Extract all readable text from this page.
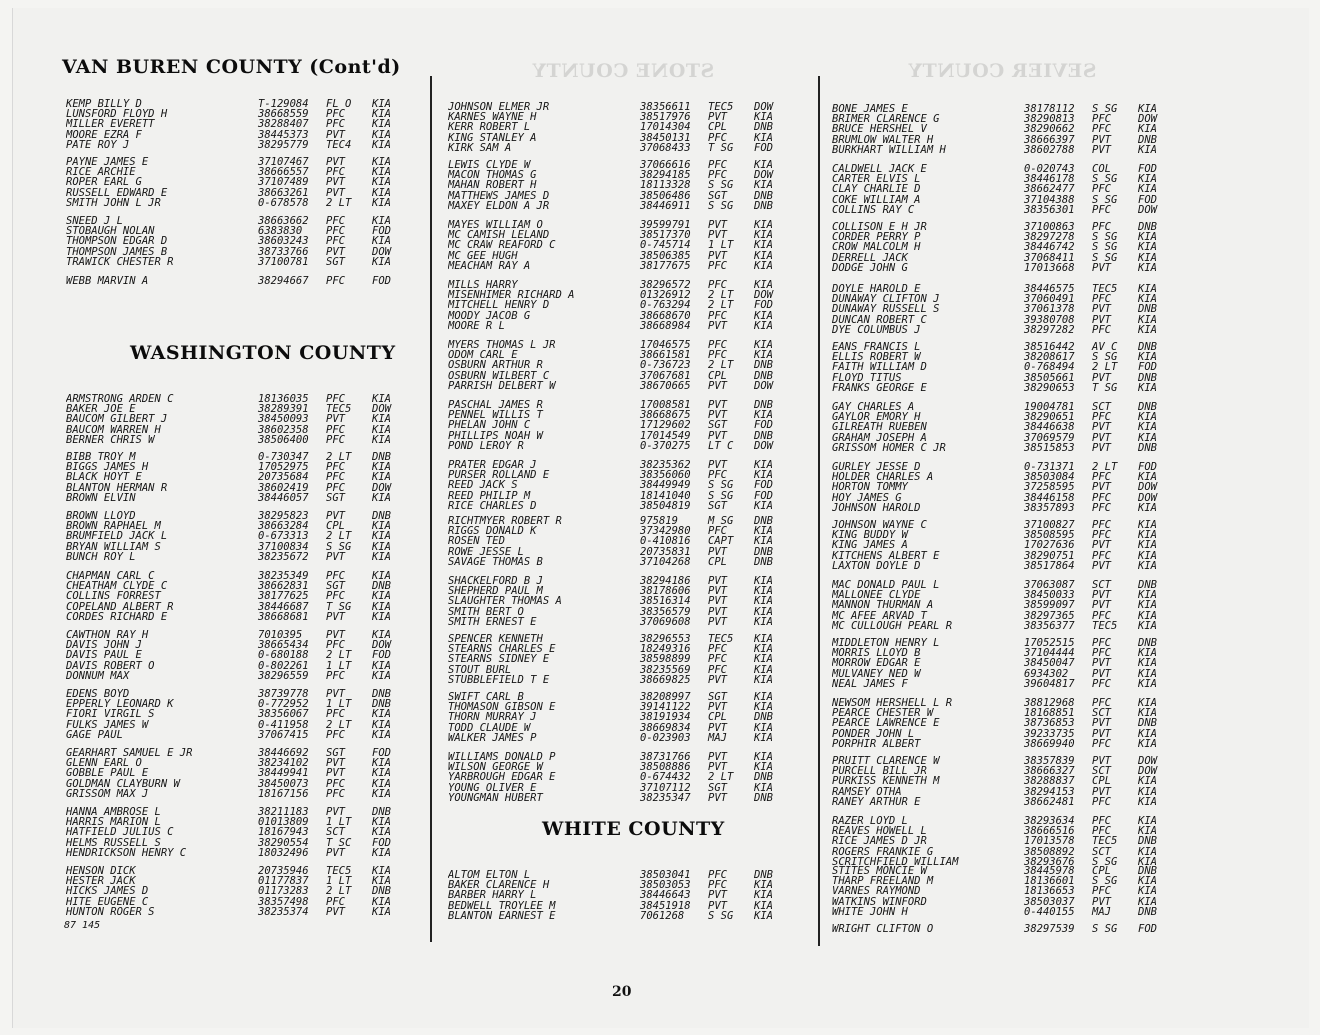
VAN BUREN COUNTY (Cont'd)
WASHINGTON COUNTY
WHITE COUNTY
STONE COUNTY	SEVIER COUNTY
KEMP BILLY D	T-129084	FL O	KIA
LUNSFORD FLOYD H	38668559	PFC	KIA
MILLER EVERETT	38288407	PFC	KIA
MOORE EZRA F	38445373	PVT	KIA
PATE ROY J	38295779	TEC4	KIA
PAYNE JAMES E	37107467	PVT	KIA
RICE ARCHIE	38666557	PFC	KIA
ROPER EARL G	37107489	PVT	KIA
RUSSELL EDWARD E	38663261	PVT	KIA
SMITH JOHN L JR	0-678578	2 LT	KIA
SNEED J L	38663662	PFC	KIA
STOBAUGH NOLAN	6383830	PFC	FOD
THOMPSON EDGAR D	38603243	PFC	KIA
THOMPSON JAMES B	38733766	PVT	DOW
TRAWICK CHESTER R	37100781	SGT	KIA
WEBB MARVIN A	38294667	PFC	FOD
ARMSTRONG ARDEN C	18136035	PFC	KIA
BAKER JOE E	38289391	TEC5	DOW
BAUCOM GILBERT J	38450093	PVT	KIA
BAUCOM WARREN H	38602358	PFC	KIA
BERNER CHRIS W	38506400	PFC	KIA
BIBB TROY M	0-730347	2 LT	DNB
BIGGS JAMES H	17052975	PFC	KIA
BLACK HOYT E	20735684	PFC	KIA
BLANTON HERMAN R	38602419	PFC	DOW
BROWN ELVIN	38446057	SGT	KIA
BROWN LLOYD	38295823	PVT	DNB
BROWN RAPHAEL M	38663284	CPL	KIA
BRUMFIELD JACK L	0-673313	2 LT	KIA
BRYAN WILLIAM S	37100834	S SG	KIA
BUNCH ROY L	38235672	PVT	KIA
CHAPMAN CARL C	38235349	PFC	KIA
CHEATHAM CLYDE C	38662831	SGT	DNB
COLLINS FORREST	38177625	PFC	KIA
COPELAND ALBERT R	38446687	T SG	KIA
CORDES RICHARD E	38668681	PVT	KIA
CAWTHON RAY H	7010395	PVT	KIA
DAVIS JOHN J	38665434	PFC	DOW
DAVIS PAUL E	0-680188	2 LT	FOD
DAVIS ROBERT O	0-802261	1 LT	KIA
DONNUM MAX	38296559	PFC	KIA
EDENS BOYD	38739778	PVT	DNB
EPPERLY LEONARD K	0-772952	1 LT	DNB
FIORI VIRGIL S	38356067	PFC	KIA
FULKS JAMES W	0-411958	2 LT	KIA
GAGE PAUL	37067415	PFC	KIA
GEARHART SAMUEL E JR	38446692	SGT	FOD
GLENN EARL O	38234102	PVT	KIA
GOBBLE PAUL E	38449941	PVT	KIA
GOLDMAN CLAYBURN W	38450073	PFC	KIA
GRISSOM MAX J	18167156	PFC	KIA
HANNA AMBROSE L	38211183	PVT	DNB
HARRIS MARION L	01013809	1 LT	KIA
HATFIELD JULIUS C	18167943	SCT	KIA
HELMS RUSSELL S	38290554	T SC	FOD
HENDRICKSON HENRY C	18032496	PVT	KIA
HENSON DICK	20735946	TEC5	KIA
HESTER JACK	01177837	1 LT	KIA
HICKS JAMES D	01173283	2 LT	DNB
HITE EUGENE C	38357498	PFC	KIA
HUNTON ROGER S	38235374	PVT	KIA
JOHNSON ELMER JR	38356611	TEC5	DOW
KARNES WAYNE H	38517976	PVT	KIA
KERR ROBERT L	17014304	CPL	DNB
KING STANLEY A	38450131	PFC	KIA
KIRK SAM A	37068433	T SG	FOD
LEWIS CLYDE W	37066616	PFC	KIA
MACON THOMAS G	38294185	PFC	DOW
MAHAN ROBERT H	18113328	S SG	KIA
MATTHEWS JAMES D	38506486	SGT	DNB
MAXEY ELDON A JR	38446911	S SG	DNB
MAYES WILLIAM O	39599791	PVT	KIA
MC CAMISH LELAND	38517370	PVT	KIA
MC CRAW REAFORD C	0-745714	1 LT	KIA
MC GEE HUGH	38506385	PVT	KIA
MEACHAM RAY A	38177675	PFC	KIA
MILLS HARRY	38296572	PFC	KIA
MISENHIMER RICHARD A	01326912	2 LT	DOW
MITCHELL HENRY D	0-763294	2 LT	FOD
MOODY JACOB G	38668670	PFC	KIA
MOORE R L	38668984	PVT	KIA
MYERS THOMAS L JR	17046575	PFC	KIA
ODOM CARL E	38661581	PFC	KIA
OSBURN ARTHUR R	0-736723	2 LT	DNB
OSBURN WILBERT C	37067681	CPL	DNB
PARRISH DELBERT W	38670665	PVT	DOW
PASCHAL JAMES R	17008581	PVT	DNB
PENNEL WILLIS T	38668675	PVT	KIA
PHELAN JOHN C	17129602	SGT	FOD
PHILLIPS NOAH W	17014549	PVT	DNB
POND LEROY R	0-370275	LT C	DOW
PRATER EDGAR J	38235362	PVT	KIA
PURSER ROLLAND E	38356060	PFC	KIA
REED JACK S	38449949	S SG	FOD
REED PHILIP M	18141040	S SG	FOD
RICE CHARLES D	38504819	SGT	KIA
RICHTMYER ROBERT R	975819	M SG	DNB
RIGGS DONALD K	37342980	PFC	KIA
ROSEN TED	0-410816	CAPT	KIA
ROWE JESSE L	20735831	PVT	DNB
SAVAGE THOMAS B	37104268	CPL	DNB
SHACKELFORD B J	38294186	PVT	KIA
SHEPHERD PAUL M	38178606	PVT	KIA
SLAUGHTER THOMAS A	38516314	PVT	KIA
SMITH BERT O	38356579	PVT	KIA
SMITH ERNEST E	37069608	PVT	KIA
SPENCER KENNETH	38296553	TEC5	KIA
STEARNS CHARLES E	18249316	PFC	KIA
STEARNS SIDNEY E	38598899	PFC	KIA
STOUT BURL	38235569	PFC	KIA
STUBBLEFIELD T E	38669825	PVT	KIA
SWIFT CARL B	38208997	SGT	KIA
THOMASON GIBSON E	39141122	PVT	KIA
THORN MURRAY J	38191934	CPL	DNB
TODD CLAUDE W	38669834	PVT	KIA
WALKER JAMES P	0-023903	MAJ	KIA
WILLIAMS DONALD P	38731766	PVT	KIA
WILSON GEORGE W	38508886	PVT	KIA
YARBROUGH EDGAR E	0-674432	2 LT	DNB
YOUNG OLIVER E	37107112	SGT	KIA
YOUNGMAN HUBERT	38235347	PVT	DNB
ALTOM ELTON L	38503041	PFC	DNB
BAKER CLARENCE H	38503053	PFC	KIA
BARBER HARRY L	38446643	PVT	KIA
BEDWELL TROYLEE M	38451918	PVT	KIA
BLANTON EARNEST E	7061268	S SG	KIA
BONE JAMES E	38178112	S SG	KIA
BRIMER CLARENCE G	38290813	PFC	DOW
BRUCE HERSHEL V	38290662	PFC	KIA
BRUMLOW WALTER H	38666397	PVT	DNB
BURKHART WILLIAM H	38602788	PVT	KIA
CALDWELL JACK E	0-020743	COL	FOD
CARTER ELVIS L	38446178	S SG	KIA
CLAY CHARLIE D	38662477	PFC	KIA
COKE WILLIAM A	37104388	S SG	FOD
COLLINS RAY C	38356301	PFC	DOW
COLLISON E H JR	37100863	PFC	DNB
CORDER PERRY P	38297278	S SG	KIA
CROW MALCOLM H	38446742	S SG	KIA
DERRELL JACK	37068411	S SG	KIA
DODGE JOHN G	17013668	PVT	KIA
DOYLE HAROLD E	38446575	TEC5	KIA
DUNAWAY CLIFTON J	37060491	PFC	KIA
DUNAWAY RUSSELL S	37061378	PVT	DNB
DUNCAN ROBERT C	39380708	PVT	KIA
DYE COLUMBUS J	38297282	PFC	KIA
EANS FRANCIS L	38516442	AV C	DNB
ELLIS ROBERT W	38208617	S SG	KIA
FAITH WILLIAM D	0-768494	2 LT	FOD
FLOYD TITUS	38505661	PVT	DNB
FRANKS GEORGE E	38290653	T SG	KIA
GAY CHARLES A	19004781	SCT	DNB
GAYLOR EMORY H	38290651	PFC	KIA
GILREATH RUEBEN	38446638	PVT	KIA
GRAHAM JOSEPH A	37069579	PVT	KIA
GRISSOM HOMER C JR	38515853	PVT	DNB
GURLEY JESSE D	0-731371	2 LT	FOD
HOLDER CHARLES A	38503084	PFC	KIA
HORTON TOMMY	37258595	PVT	DOW
HOY JAMES G	38446158	PFC	DOW
JOHNSON HAROLD	38357893	PFC	KIA
JOHNSON WAYNE C	37100827	PFC	KIA
KING BUDDY W	38508595	PFC	KIA
KING JAMES A	17027636	PVT	KIA
KITCHENS ALBERT E	38290751	PFC	KIA
LAXTON DOYLE D	38517864	PVT	KIA
MAC DONALD PAUL L	37063087	SCT	DNB
MALLONEE CLYDE	38450033	PVT	KIA
MANNON THURMAN A	38599097	PVT	KIA
MC AFEE ARVAD T	38297365	PFC	KIA
MC CULLOUGH PEARL R	38356377	TEC5	KIA
MIDDLETON HENRY L	17052515	PFC	DNB
MORRIS LLOYD B	37104444	PFC	KIA
MORROW EDGAR E	38450047	PVT	KIA
MULVANEY NED W	6934302	PVT	KIA
NEAL JAMES F	39604817	PFC	KIA
NEWSOM HERSHELL L R	38812968	PFC	KIA
PEARCE CHESTER W	18168851	SCT	KIA
PEARCE LAWRENCE E	38736853	PVT	DNB
PONDER JOHN L	39233735	PVT	KIA
PORPHIR ALBERT	38669940	PFC	KIA
PRUITT CLARENCE W	38357839	PVT	DOW
PURCELL BILL JR	38666327	SCT	DOW
PURKISS KENNETH M	38288837	CPL	KIA
RAMSEY OTHA	38294153	PVT	KIA
RANEY ARTHUR E	38662481	PFC	KIA
RAZER LOYD L	38293634	PFC	KIA
REAVES HOWELL L	38666516	PFC	KIA
RICE JAMES D JR	17013578	TEC5	DNB
ROGERS FRANKIE G	38508892	SCT	KIA
SCRITCHFIELD WILLIAM	38293676	S SG	KIA
STITES MONCIE W	38445978	CPL	DNB
THARP FREELAND M	18136601	S SG	KIA
VARNES RAYMOND	18136653	PFC	KIA
WATKINS WINFORD	38503037	PVT	KIA
WHITE JOHN H	0-440155	MAJ	DNB
WRIGHT CLIFTON O	38297539	S SG	FOD
87 145
20
